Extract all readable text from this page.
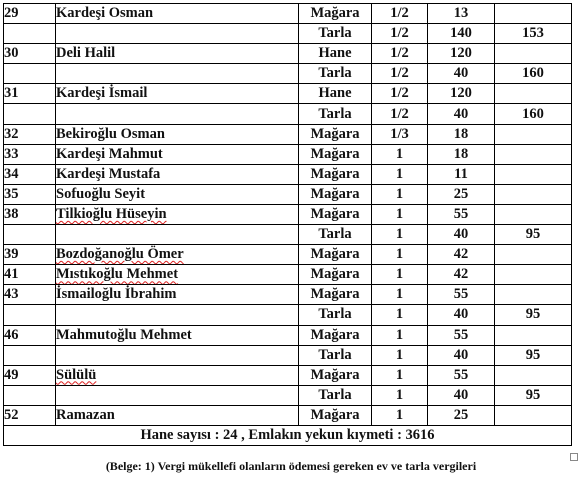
29	Kardeşi Osman	Mağara	1/2	13	
		Tarla	1/2	140	153
30	Deli Halil	Hane	1/2	120	
		Tarla	1/2	40	160
31	Kardeşi İsmail	Hane	1/2	120	
		Tarla	1/2	40	160
32	Bekiroğlu Osman	Mağara	1/3	18	
33	Kardeşi Mahmut	Mağara	1	18	
34	Kardeşi Mustafa	Mağara	1	11	
35	Sofuoğlu Seyit	Mağara	1	25	
38	Tilkioğlu Hüseyin	Mağara	1	55	
		Tarla	1	40	95
39	Bozdoğanoğlu Ömer	Mağara	1	42	
41	Mıstıkoğlu Mehmet	Mağara	1	42	
43	İsmailoğlu İbrahim	Mağara	1	55	
		Tarla	1	40	95
46	Mahmutoğlu Mehmet	Mağara	1	55	
		Tarla	1	40	95
49	Sülülü	Mağara	1	55	
		Tarla	1	40	95
52	Ramazan	Mağara	1	25	
Hane sayısı : 24 , Emlakın yekun kıymeti : 3616					
(Belge: 1) Vergi mükellefi olanların ödemesi gereken ev ve tarla vergileri
